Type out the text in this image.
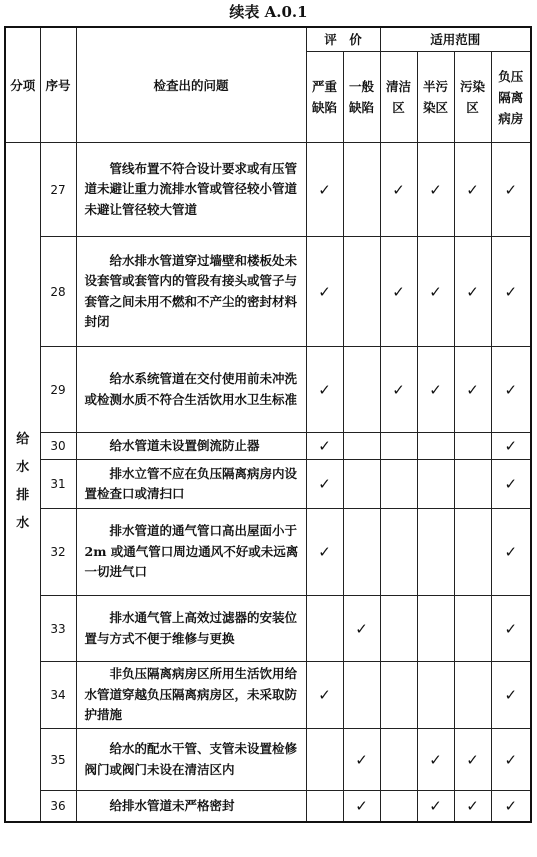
续表 A.0.1
分项	序号	检查出的问题	评　价		适用范围			
			严重缺陷	一般缺陷	清洁区	半污染区	污染区	负压隔离病房
给水排水	27	管线布置不符合设计要求或有压管道未避让重力流排水管或管径较小管道未避让管径较大管道	✓		✓	✓	✓	✓
	28	给水排水管道穿过墙壁和楼板处未设套管或套管内的管段有接头或管子与套管之间未用不燃和不产尘的密封材料封闭	✓		✓	✓	✓	✓
	29	给水系统管道在交付使用前未冲洗或检测水质不符合生活饮用水卫生标准	✓		✓	✓	✓	✓
	30	给水管道未设置倒流防止器	✓					✓
	31	排水立管不应在负压隔离病房内设置检查口或清扫口	✓					✓
	32	排水管道的通气管口高出屋面小于 2m 或通气管口周边通风不好或未远离一切进气口	✓					✓
	33	排水通气管上高效过滤器的安装位置与方式不便于维修与更换		✓				✓
	34	非负压隔离病房区所用生活饮用给水管道穿越负压隔离病房区，未采取防护措施	✓					✓
	35	给水的配水干管、支管未设置检修阀门或阀门未设在清洁区内		✓		✓	✓	✓
	36	给排水管道未严格密封		✓		✓	✓	✓
